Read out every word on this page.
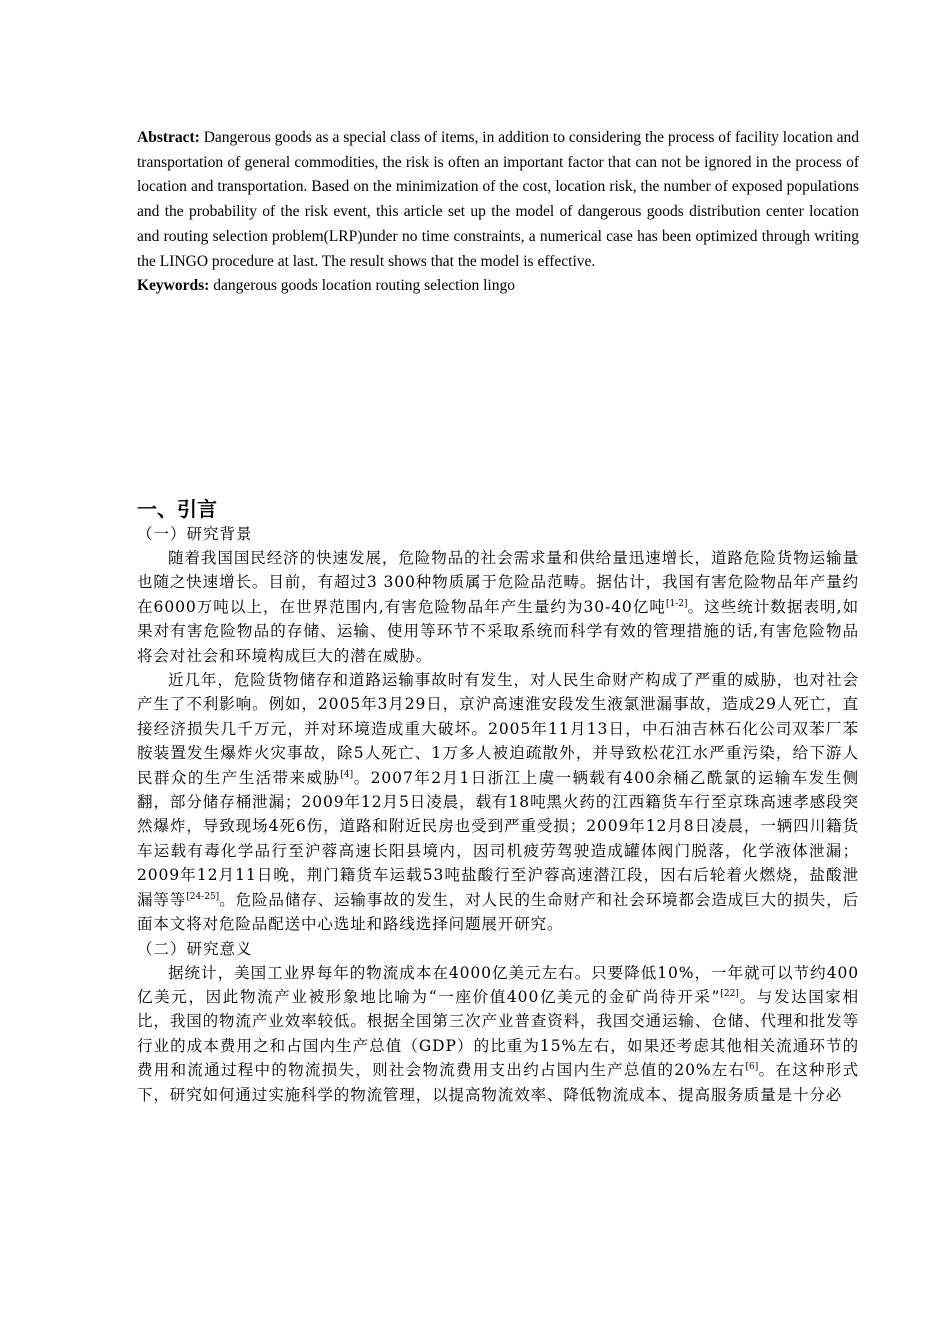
Abstract: Dangerous goods as a special class of items, in addition to considering the process of facility location and transportation of general commodities, the risk is often an important factor that can not be ignored in the process of location and transportation. Based on the minimization of the cost, location risk, the number of exposed populations and the probability of the risk event, this article set up the model of dangerous goods distribution center location and routing selection problem(LRP)under no time constraints, a numerical case has been optimized through writing the LINGO procedure at last. The result shows that the model is effective.

Keywords: dangerous goods location routing selection lingo

一、引言

（一）研究背景

随着我国国民经济的快速发展，危险物品的社会需求量和供给量迅速增长，道路危险货物运输量也随之快速增长。目前，有超过3 300种物质属于危险品范畴。据估计，我国有害危险物品年产量约在6000万吨以上，在世界范围内,有害危险物品年产生量约为30-40亿吨[1-2]。这些统计数据表明,如果对有害危险物品的存储、运输、使用等环节不采取系统而科学有效的管理措施的话,有害危险物品将会对社会和环境构成巨大的潜在威胁。

近几年，危险货物储存和道路运输事故时有发生，对人民生命财产构成了严重的威胁，也对社会产生了不利影响。例如，2005年3月29日，京沪高速淮安段发生液氯泄漏事故，造成29人死亡，直接经济损失几千万元，并对环境造成重大破坏。2005年11月13日，中石油吉林石化公司双苯厂苯胺装置发生爆炸火灾事故，除5人死亡、1万多人被迫疏散外，并导致松花江水严重污染，给下游人民群众的生产生活带来威胁[4]。2007年2月1日浙江上虞一辆载有400余桶乙酰氯的运输车发生侧翻，部分储存桶泄漏；2009年12月5日凌晨，载有18吨黑火药的江西籍货车行至京珠高速孝感段突然爆炸，导致现场4死6伤，道路和附近民房也受到严重受损；2009年12月8日凌晨，一辆四川籍货车运载有毒化学品行至沪蓉高速长阳县境内，因司机疲劳驾驶造成罐体阀门脱落，化学液体泄漏；2009年12月11日晚，荆门籍货车运载53吨盐酸行至沪蓉高速潜江段，因右后轮着火燃烧，盐酸泄漏等等[24-25]。危险品储存、运输事故的发生，对人民的生命财产和社会环境都会造成巨大的损失，后面本文将对危险品配送中心选址和路线选择问题展开研究。

（二）研究意义

据统计，美国工业界每年的物流成本在4000亿美元左右。只要降低10%，一年就可以节约400亿美元，因此物流产业被形象地比喻为“一座价值400亿美元的金矿尚待开采”[22]。与发达国家相比，我国的物流产业效率较低。根据全国第三次产业普查资料，我国交通运输、仓储、代理和批发等行业的成本费用之和占国内生产总值（GDP）的比重为15%左右，如果还考虑其他相关流通环节的费用和流通过程中的物流损失，则社会物流费用支出约占国内生产总值的20%左右[6]。在这种形式下，研究如何通过实施科学的物流管理，以提高物流效率、降低物流成本、提高服务质量是十分必
